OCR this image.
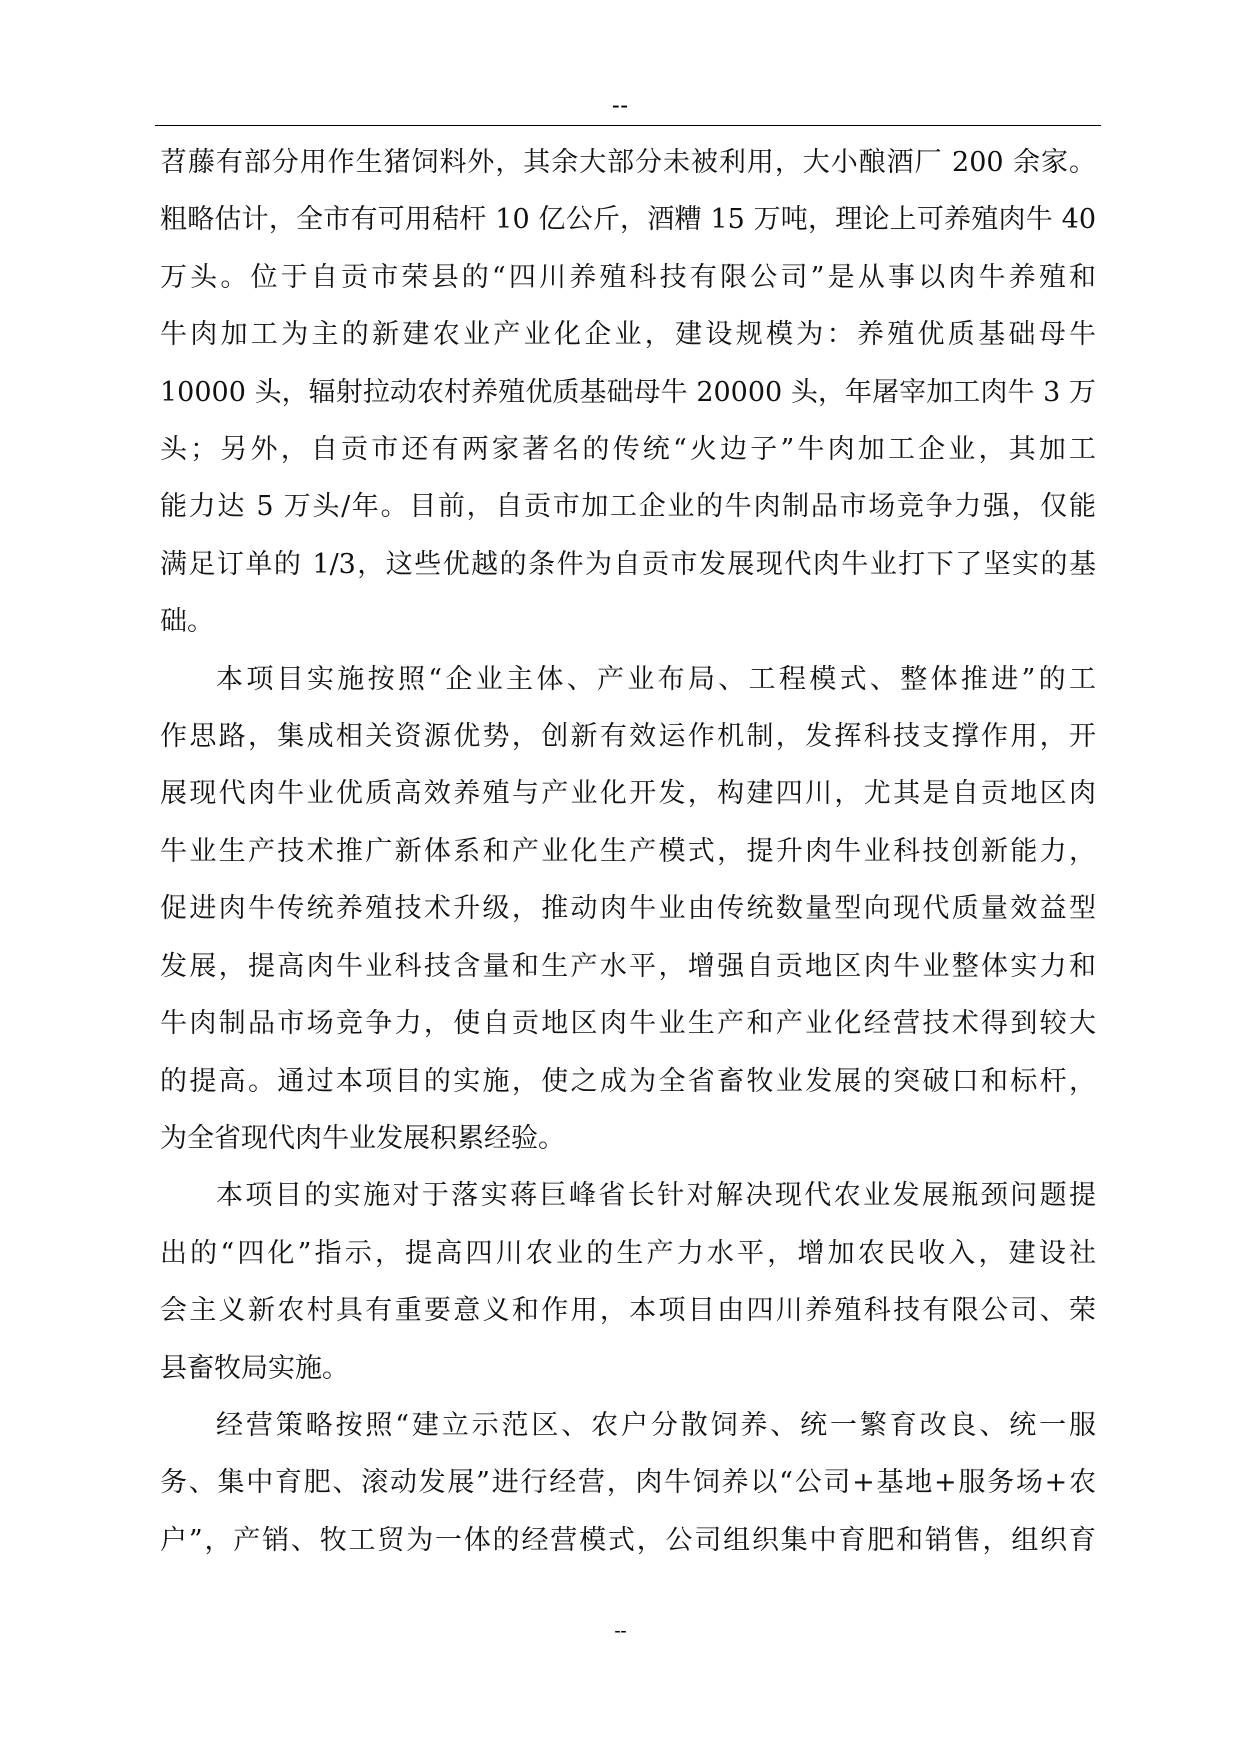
--
苕藤有部分用作生猪饲料外，其余大部分未被利用，大小酿酒厂 200 余家。
粗略估计，全市有可用秸杆 10 亿公斤，酒糟 15 万吨，理论上可养殖肉牛 40
万头。位于自贡市荣县的“四川养殖科技有限公司”是从事以肉牛养殖和
牛肉加工为主的新建农业产业化企业，建设规模为：养殖优质基础母牛
10000 头，辐射拉动农村养殖优质基础母牛 20000 头，年屠宰加工肉牛 3 万
头；另外，自贡市还有两家著名的传统“火边子”牛肉加工企业，其加工
能力达 5 万头/年。目前，自贡市加工企业的牛肉制品市场竞争力强，仅能
满足订单的 1/3，这些优越的条件为自贡市发展现代肉牛业打下了坚实的基
础。
本项目实施按照“企业主体、产业布局、工程模式、整体推进”的工
作思路，集成相关资源优势，创新有效运作机制，发挥科技支撑作用，开
展现代肉牛业优质高效养殖与产业化开发，构建四川，尤其是自贡地区肉
牛业生产技术推广新体系和产业化生产模式，提升肉牛业科技创新能力，
促进肉牛传统养殖技术升级，推动肉牛业由传统数量型向现代质量效益型
发展，提高肉牛业科技含量和生产水平，增强自贡地区肉牛业整体实力和
牛肉制品市场竞争力，使自贡地区肉牛业生产和产业化经营技术得到较大
的提高。通过本项目的实施，使之成为全省畜牧业发展的突破口和标杆，
为全省现代肉牛业发展积累经验。
本项目的实施对于落实蒋巨峰省长针对解决现代农业发展瓶颈问题提
出的“四化”指示，提高四川农业的生产力水平，增加农民收入，建设社
会主义新农村具有重要意义和作用，本项目由四川养殖科技有限公司、荣
县畜牧局实施。
经营策略按照“建立示范区、农户分散饲养、统一繁育改良、统一服
务、集中育肥、滚动发展”进行经营，肉牛饲养以“公司+基地+服务场+农
户”，产销、牧工贸为一体的经营模式，公司组织集中育肥和销售，组织育
--
